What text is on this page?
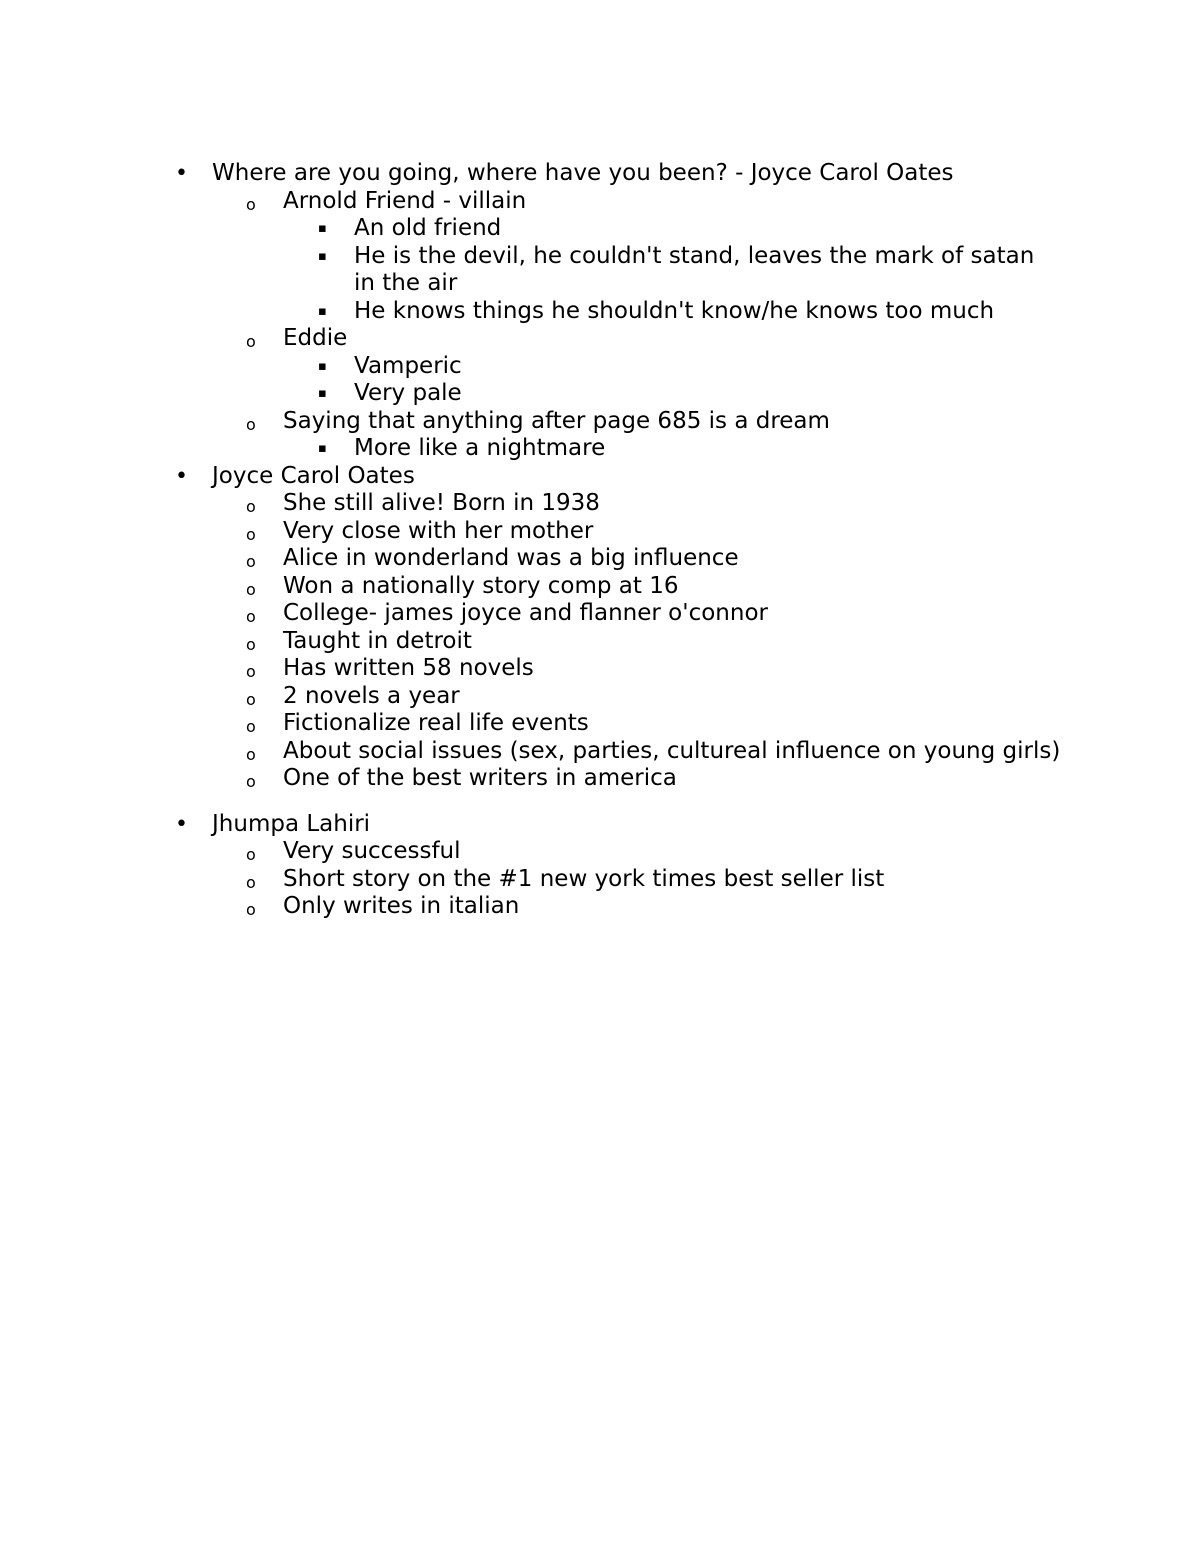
• Where are you going, where have you been? - Joyce Carol Oates
o Arnold Friend - villain
▪ An old friend
▪ He is the devil, he couldn't stand, leaves the mark of satan in the air
▪ He knows things he shouldn't know/he knows too much
o Eddie
▪ Vamperic
▪ Very pale
o Saying that anything after page 685 is a dream
▪ More like a nightmare
• Joyce Carol Oates
o She still alive! Born in 1938
o Very close with her mother
o Alice in wonderland was a big influence
o Won a nationally story comp at 16
o College- james joyce and flanner o'connor
o Taught in detroit
o Has written 58 novels
o 2 novels a year
o Fictionalize real life events
o About social issues (sex, parties, cultureal influence on young girls)
o One of the best writers in america
• Jhumpa Lahiri
o Very successful
o Short story on the #1 new york times best seller list
o Only writes in italian
